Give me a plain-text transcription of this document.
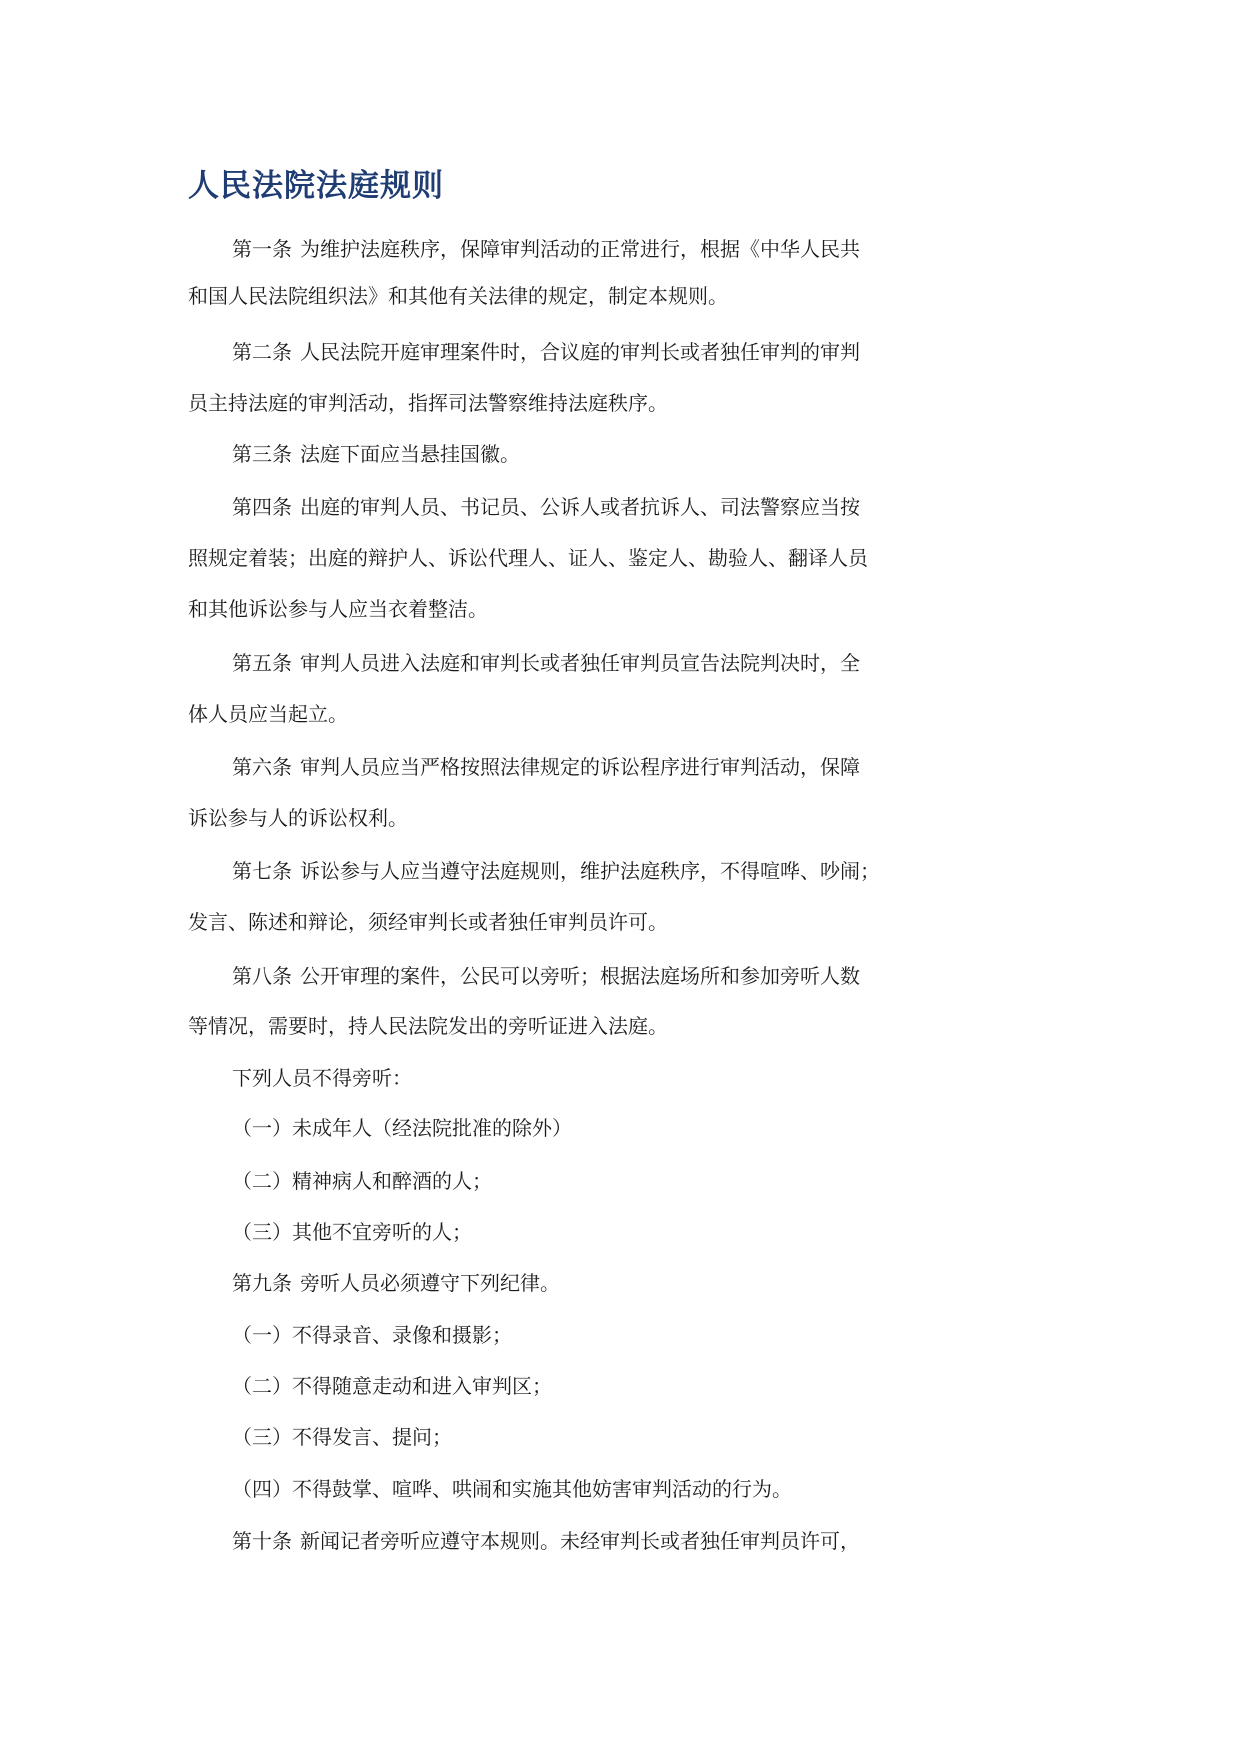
人民法院法庭规则

第一条 为维护法庭秩序，保障审判活动的正常进行，根据《中华人民共

和国人民法院组织法》和其他有关法律的规定，制定本规则。

第二条 人民法院开庭审理案件时，合议庭的审判长或者独任审判的审判

员主持法庭的审判活动，指挥司法警察维持法庭秩序。

第三条 法庭下面应当悬挂国徽。

第四条 出庭的审判人员、书记员、公诉人或者抗诉人、司法警察应当按

照规定着装；出庭的辩护人、诉讼代理人、证人、鉴定人、勘验人、翻译人员

和其他诉讼参与人应当衣着整洁。

第五条 审判人员进入法庭和审判长或者独任审判员宣告法院判决时，全

体人员应当起立。

第六条 审判人员应当严格按照法律规定的诉讼程序进行审判活动，保障

诉讼参与人的诉讼权利。

第七条 诉讼参与人应当遵守法庭规则，维护法庭秩序，不得喧哗、吵闹；

发言、陈述和辩论，须经审判长或者独任审判员许可。

第八条 公开审理的案件，公民可以旁听；根据法庭场所和参加旁听人数

等情况，需要时，持人民法院发出的旁听证进入法庭。

下列人员不得旁听：

（一）未成年人（经法院批准的除外）

（二）精神病人和醉酒的人；

（三）其他不宜旁听的人；

第九条 旁听人员必须遵守下列纪律。

（一）不得录音、录像和摄影；

（二）不得随意走动和进入审判区；

（三）不得发言、提问；

（四）不得鼓掌、喧哗、哄闹和实施其他妨害审判活动的行为。

第十条 新闻记者旁听应遵守本规则。未经审判长或者独任审判员许可，
